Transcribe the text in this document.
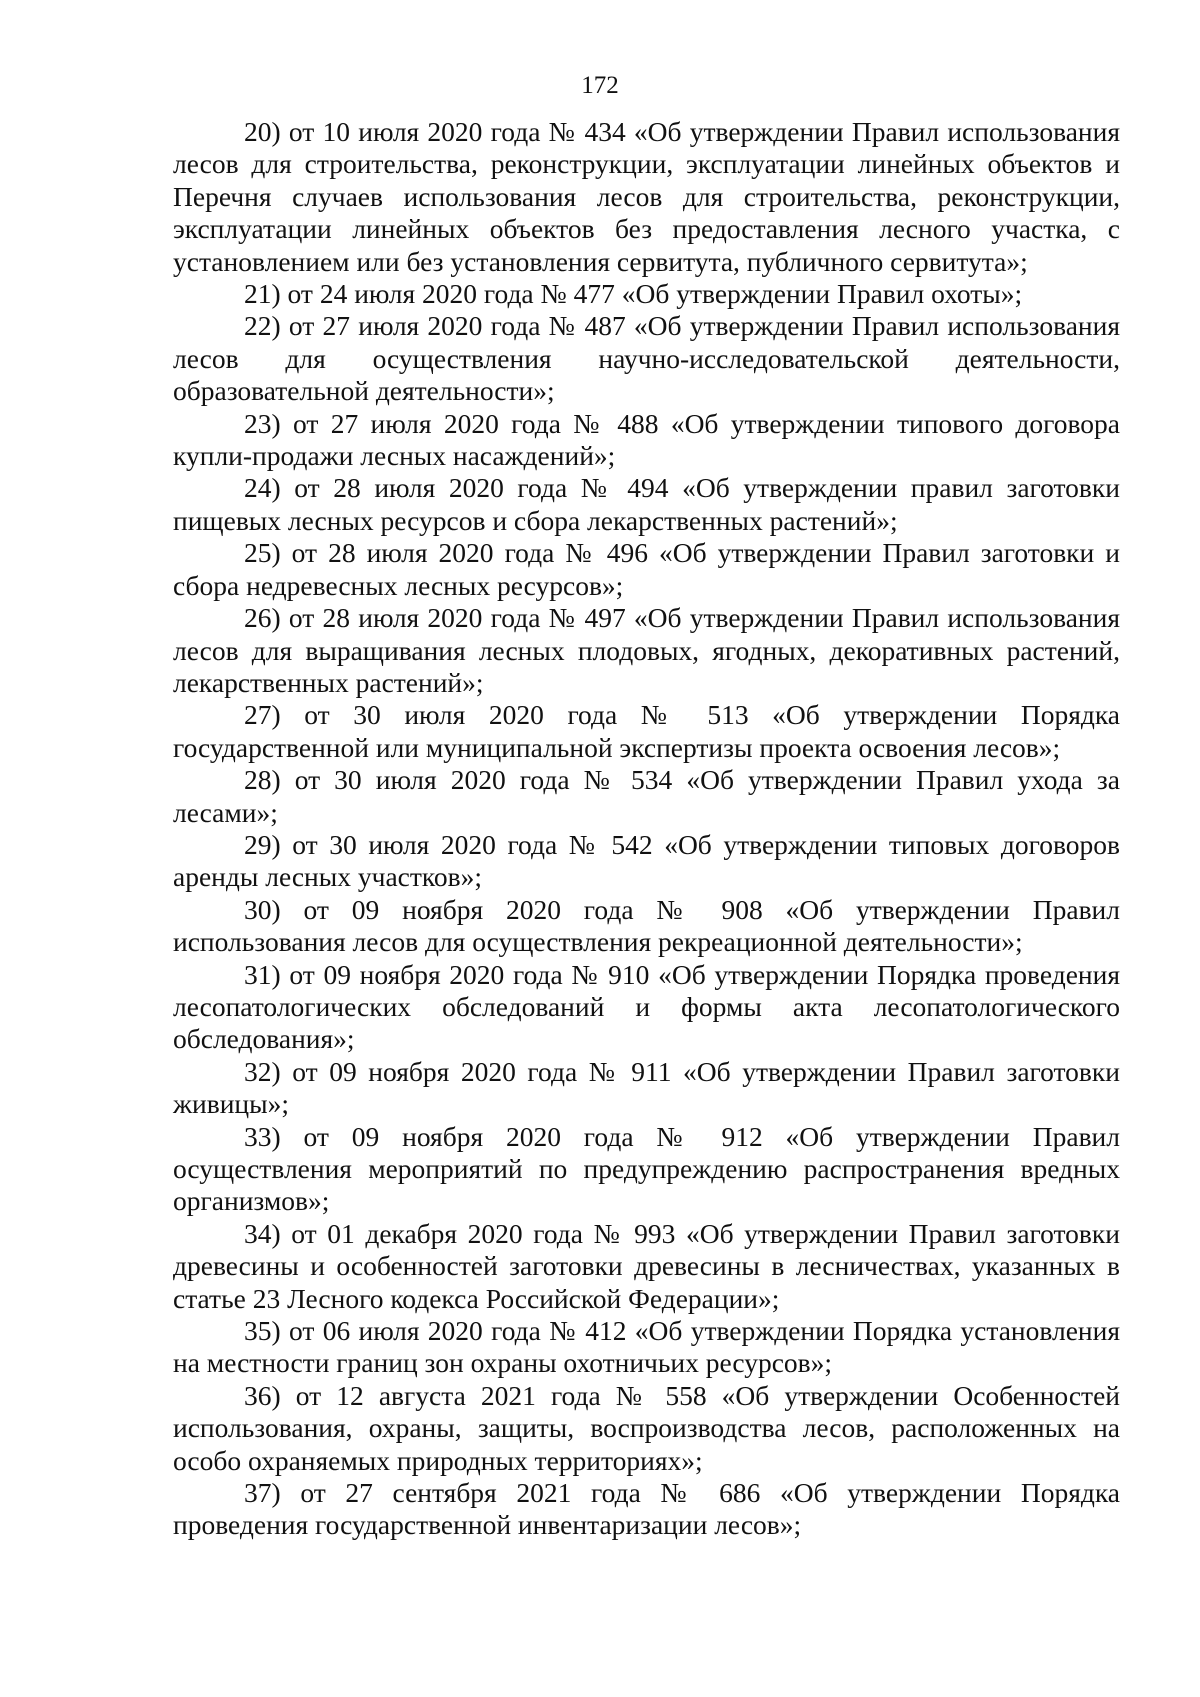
172

20) от 10 июля 2020 года № 434 «Об утверждении Правил использования лесов для строительства, реконструкции, эксплуатации линейных объектов и Перечня случаев использования лесов для строительства, реконструкции, эксплуатации линейных объектов без предоставления лесного участка, с установлением или без установления сервитута, публичного сервитута»;

21) от 24 июля 2020 года № 477 «Об утверждении Правил охоты»;

22) от 27 июля 2020 года № 487 «Об утверждении Правил использования лесов для осуществления научно-исследовательской деятельности, образовательной деятельности»;

23) от 27 июля 2020 года № 488 «Об утверждении типового договора купли-продажи лесных насаждений»;

24) от 28 июля 2020 года № 494 «Об утверждении правил заготовки пищевых лесных ресурсов и сбора лекарственных растений»;

25) от 28 июля 2020 года № 496 «Об утверждении Правил заготовки и сбора недревесных лесных ресурсов»;

26) от 28 июля 2020 года № 497 «Об утверждении Правил использования лесов для выращивания лесных плодовых, ягодных, декоративных растений, лекарственных растений»;

27) от 30 июля 2020 года № 513 «Об утверждении Порядка государственной или муниципальной экспертизы проекта освоения лесов»;

28) от 30 июля 2020 года № 534 «Об утверждении Правил ухода за лесами»;

29) от 30 июля 2020 года № 542 «Об утверждении типовых договоров аренды лесных участков»;

30) от 09 ноября 2020 года № 908 «Об утверждении Правил использования лесов для осуществления рекреационной деятельности»;

31) от 09 ноября 2020 года № 910 «Об утверждении Порядка проведения лесопатологических обследований и формы акта лесопатологического обследования»;

32) от 09 ноября 2020 года № 911 «Об утверждении Правил заготовки живицы»;

33) от 09 ноября 2020 года № 912 «Об утверждении Правил осуществления мероприятий по предупреждению распространения вредных организмов»;

34) от 01 декабря 2020 года № 993 «Об утверждении Правил заготовки древесины и особенностей заготовки древесины в лесничествах, указанных в статье 23 Лесного кодекса Российской Федерации»;

35) от 06 июля 2020 года № 412 «Об утверждении Порядка установления на местности границ зон охраны охотничьих ресурсов»;

36) от 12 августа 2021 года № 558 «Об утверждении Особенностей использования, охраны, защиты, воспроизводства лесов, расположенных на особо охраняемых природных территориях»;

37) от 27 сентября 2021 года № 686 «Об утверждении Порядка проведения государственной инвентаризации лесов»;
